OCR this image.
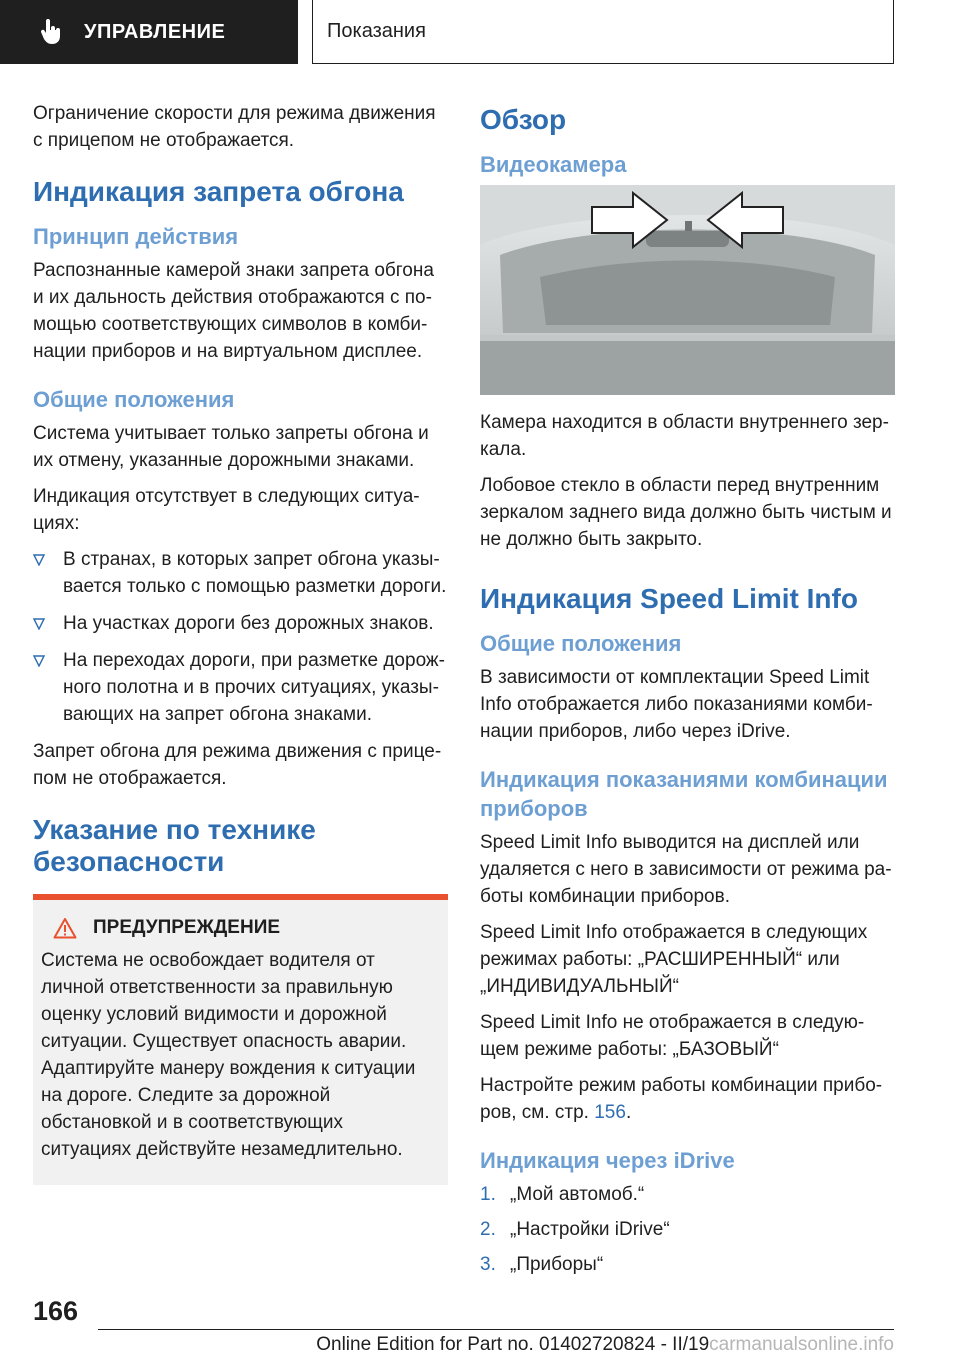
УПРАВЛЕНИЕ	Показания

Ограничение скорости для режима движения с прицепом не отображается.

Индикация запрета обгона
Принцип действия

Распознанные камерой знаки запрета обгона и их дальность действия отображаются с помощью соответствующих символов в комбинации приборов и на виртуальном дисплее.

Общие положения

Система учитывает только запреты обгона и их отмену, указанные дорожными знаками.

Индикация отсутствует в следующих ситуациях:

В странах, в которых запрет обгона указывается только с помощью разметки дороги.
На участках дороги без дорожных знаков.
На переходах дороги, при разметке дорожного полотна и в прочих ситуациях, указывающих на запрет обгона знаками.

Запрет обгона для режима движения с прицепом не отображается.

Указание по технике безопасности
ПРЕДУПРЕЖДЕНИЕ
Система не освобождает водителя от личной ответственности за правильную оценку условий видимости и дорожной ситуации. Существует опасность аварии. Адаптируйте манеру вождения к ситуации на дороге. Следите за дорожной обстановкой и в соответствующих ситуациях действуйте незамедлительно.
Обзор
Видеокамера

Камера находится в области внутреннего зеркала.

Лобовое стекло в области перед внутренним зеркалом заднего вида должно быть чистым и не должно быть закрыто.

Индикация Speed Limit Info
Общие положения

В зависимости от комплектации Speed Limit Info отображается либо показаниями комбинации приборов, либо через iDrive.

Индикация показаниями комбинации приборов

Speed Limit Info выводится на дисплей или удаляется с него в зависимости от режима работы комбинации приборов.

Speed Limit Info отображается в следующих режимах работы: „РАСШИРЕННЫЙ“ или „ИНДИВИДУАЛЬНЫЙ“

Speed Limit Info не отображается в следующем режиме работы: „БАЗОВЫЙ“

Настройте режим работы комбинации приборов, см. стр. 156.

Индикация через iDrive
1. „Мой автомоб.“
2. „Настройки iDrive“
3. „Приборы“
166
Online Edition for Part no. 01402720824 - II/19carmanualsonline.info
